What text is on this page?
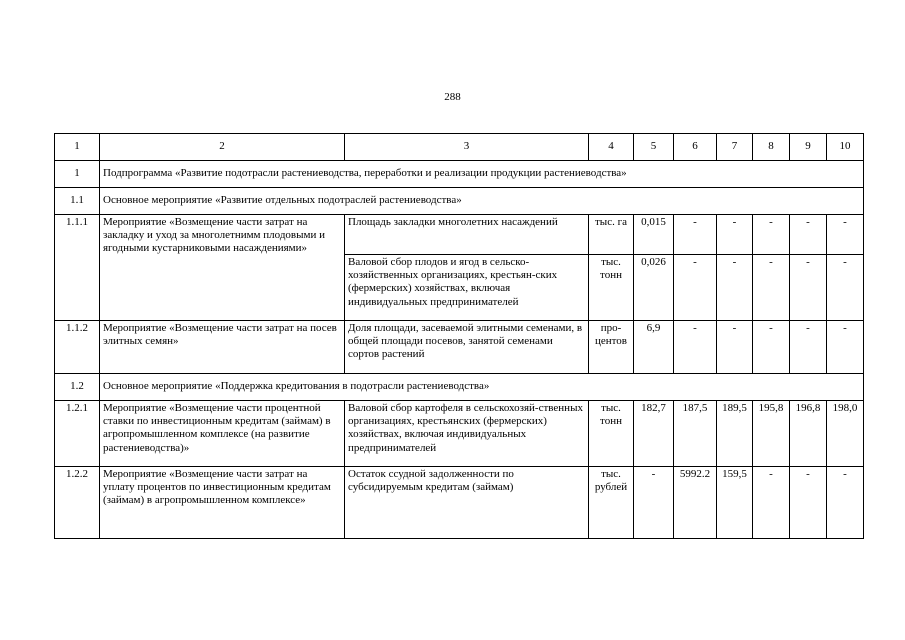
288
1	2	3	4	5	6	7	8	9	10
1	Подпрограмма «Развитие подотрасли растениеводства, переработки и реализации продукции растениеводства»								
1.1	Основное мероприятие «Развитие отдельных подотраслей растениеводства»								
1.1.1	Мероприятие «Возмещение части затрат на закладку и уход за многолетнимм плодовыми и ягодными кустарниковыми насаждениями»	Площадь закладки многолетних насаждений	тыс. га	0,015	-	-	-	-	-
		Валовой сбор плодов и ягод в сельско-хозяйственных организациях, крестьян-ских (фермерских) хозяйствах, включая индивидуальных предпринимателей	тыс. тонн	0,026	-	-	-	-	-
1.1.2	Мероприятие «Возмещение части затрат на посев элитных семян»	Доля площади, засеваемой элитными семенами, в общей площади посевов, занятой семенами сортов растений	про-центов	6,9	-	-	-	-	-
1.2	Основное мероприятие «Поддержка кредитования в подотрасли растениеводства»								
1.2.1	Мероприятие «Возмещение части процентной ставки по инвестиционным кредитам (займам) в агропромышленном комплексе (на развитие растениеводства)»	Валовой сбор картофеля в сельскохозяй-ственных организациях, крестьянских (фермерских) хозяйствах, включая индивидуальных предпринимателей	тыс. тонн	182,7	187,5	189,5	195,8	196,8	198,0
1.2.2	Мероприятие «Возмещение части затрат на уплату процентов по инвестиционным кредитам (займам) в агропромышленном комплексе»	Остаток ссудной задолженности по субсидируемым кредитам (займам)	тыс. рублей	-	5992.2	159,5	-	-	-
